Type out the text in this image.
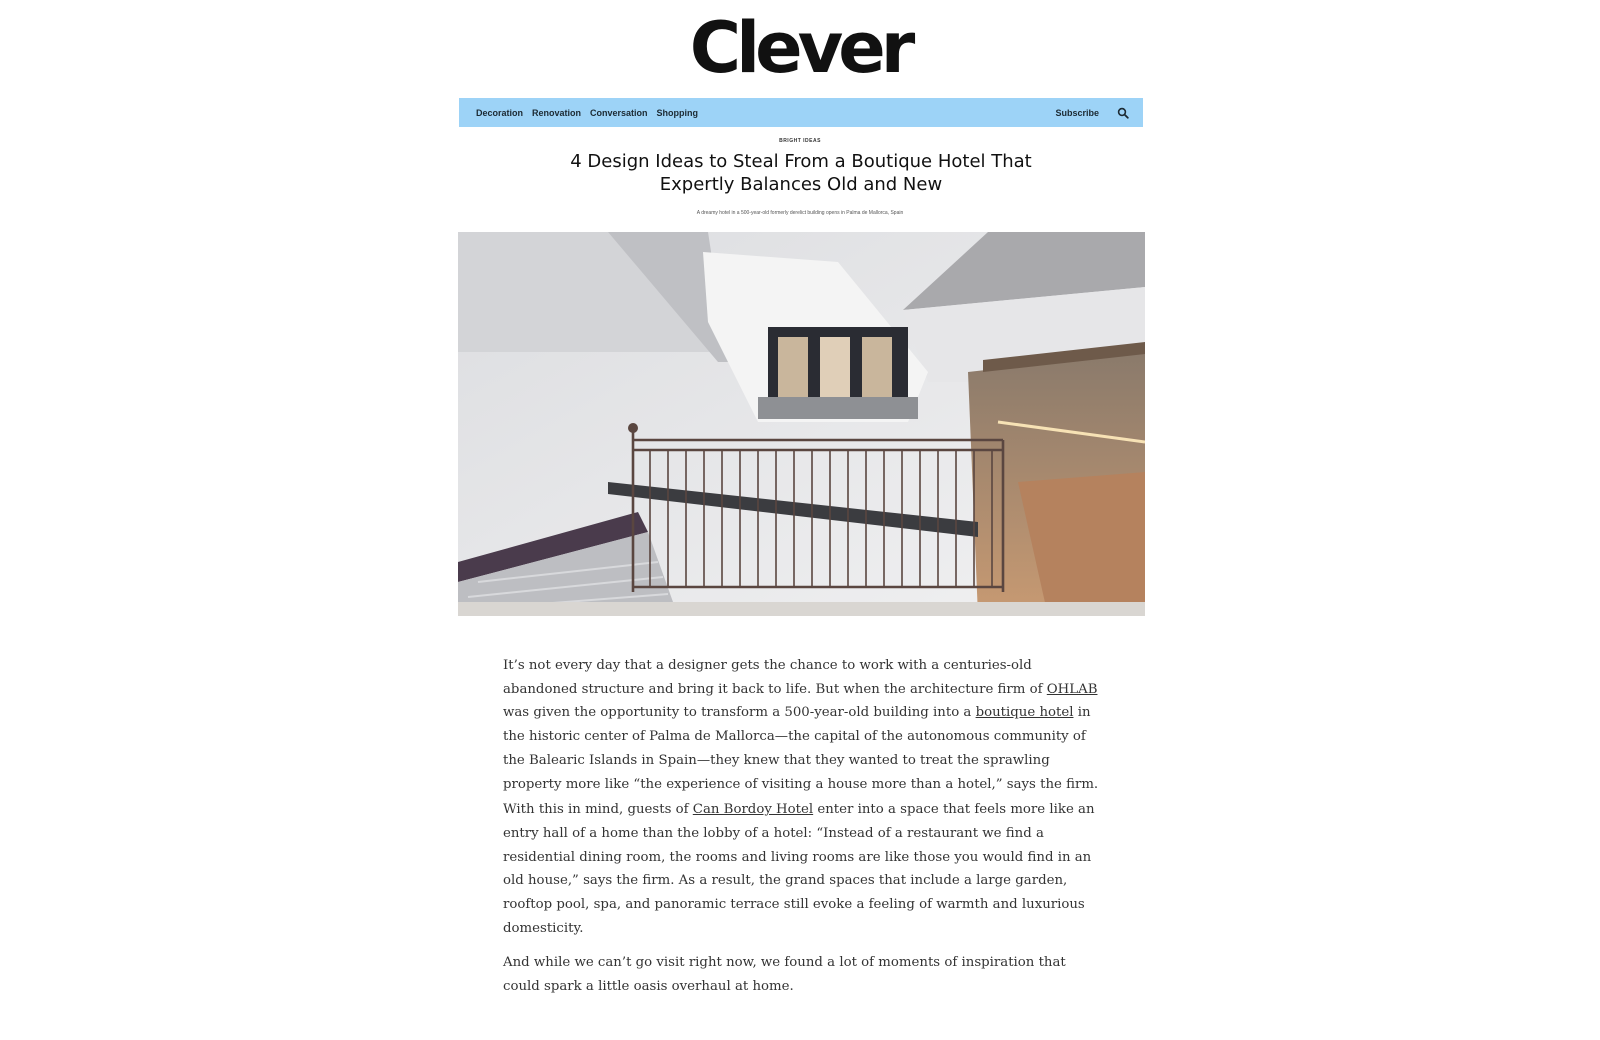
Clever
Decoration Renovation Conversation Shopping	Subscribe
BRIGHT IDEAS
4 Design Ideas to Steal From a Boutique Hotel That Expertly Balances Old and New
A dreamy hotel in a 500-year-old formerly derelict building opens in Palma de Mallorca, Spain

It’s not every day that a designer gets the chance to work with a centuries-old abandoned structure and bring it back to life. But when the architecture firm of OHLAB was given the opportunity to transform a 500-year-old building into a boutique hotel in the historic center of Palma de Mallorca—the capital of the autonomous community of the Balearic Islands in Spain—they knew that they wanted to treat the sprawling property more like “the experience of visiting a house more than a hotel,” says the firm.

With this in mind, guests of Can Bordoy Hotel enter into a space that feels more like an entry hall of a home than the lobby of a hotel: “Instead of a restaurant we find a residential dining room, the rooms and living rooms are like those you would find in an old house,” says the firm. As a result, the grand spaces that include a large garden, rooftop pool, spa, and panoramic terrace still evoke a feeling of warmth and luxurious domesticity.

And while we can’t go visit right now, we found a lot of moments of inspiration that could spark a little oasis overhaul at home.
